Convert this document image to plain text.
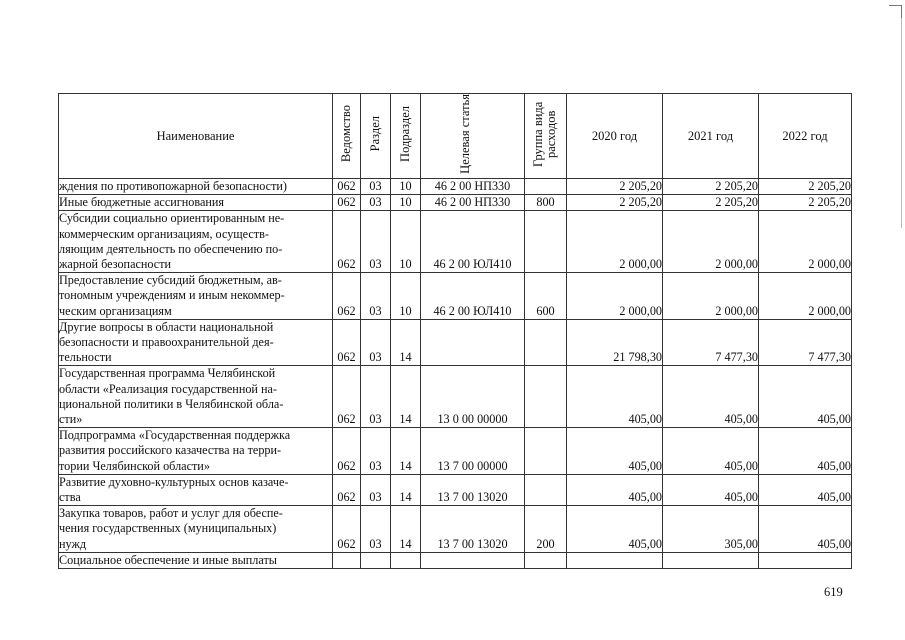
Наименование	Ведомство	Раздел	Подраздел	Целевая статья	Группа вида расходов	2020 год	2021 год	2022 год
ждения по противопожарной безопасности)	062	03	10	46 2 00 НП330		2 205,20	2 205,20	2 205,20
Иные бюджетные ассигнования	062	03	10	46 2 00 НП330	800	2 205,20	2 205,20	2 205,20
Субсидии социально ориентированным не-
коммерческим организациям, осуществ-
ляющим деятельность по обеспечению по-
жарной безопасности	062	03	10	46 2 00 ЮЛ410		2 000,00	2 000,00	2 000,00
Предоставление субсидий бюджетным, ав-
тономным учреждениям и иным некоммер-
ческим организациям	062	03	10	46 2 00 ЮЛ410	600	2 000,00	2 000,00	2 000,00
Другие вопросы в области национальной
безопасности и правоохранительной дея-
тельности	062	03	14			21 798,30	7 477,30	7 477,30
Государственная программа Челябинской
области «Реализация государственной на-
циональной политики в Челябинской обла-
сти»	062	03	14	13 0 00 00000		405,00	405,00	405,00
Подпрограмма «Государственная поддержка
развития российского казачества на терри-
тории Челябинской области»	062	03	14	13 7 00 00000		405,00	405,00	405,00
Развитие духовно-культурных основ казаче-
ства	062	03	14	13 7 00 13020		405,00	405,00	405,00
Закупка товаров, работ и услуг для обеспе-
чения государственных (муниципальных)
нужд	062	03	14	13 7 00 13020	200	405,00	305,00	405,00
Социальное обеспечение и иные выплаты								
619
